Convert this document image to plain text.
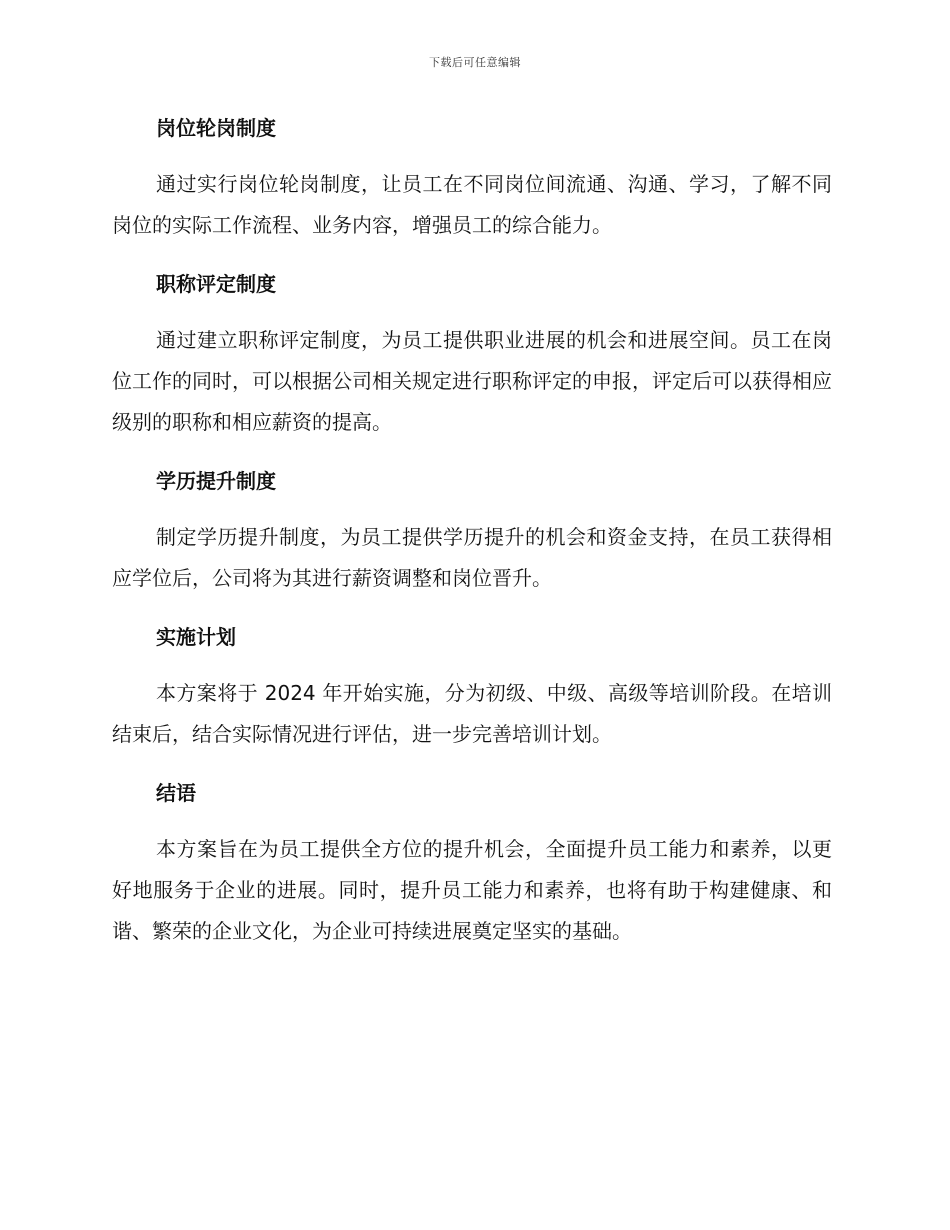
下载后可任意编辑
岗位轮岗制度

通过实行岗位轮岗制度，让员工在不同岗位间流通、沟通、学习，了解不同岗位的实际工作流程、业务内容，增强员工的综合能力。

职称评定制度

通过建立职称评定制度，为员工提供职业进展的机会和进展空间。员工在岗位工作的同时，可以根据公司相关规定进行职称评定的申报，评定后可以获得相应级别的职称和相应薪资的提高。

学历提升制度

制定学历提升制度，为员工提供学历提升的机会和资金支持，在员工获得相应学位后，公司将为其进行薪资调整和岗位晋升。

实施计划

本方案将于 2024 年开始实施，分为初级、中级、高级等培训阶段。在培训结束后，结合实际情况进行评估，进一步完善培训计划。

结语

本方案旨在为员工提供全方位的提升机会，全面提升员工能力和素养，以更好地服务于企业的进展。同时，提升员工能力和素养，也将有助于构建健康、和谐、繁荣的企业文化，为企业可持续进展奠定坚实的基础。
